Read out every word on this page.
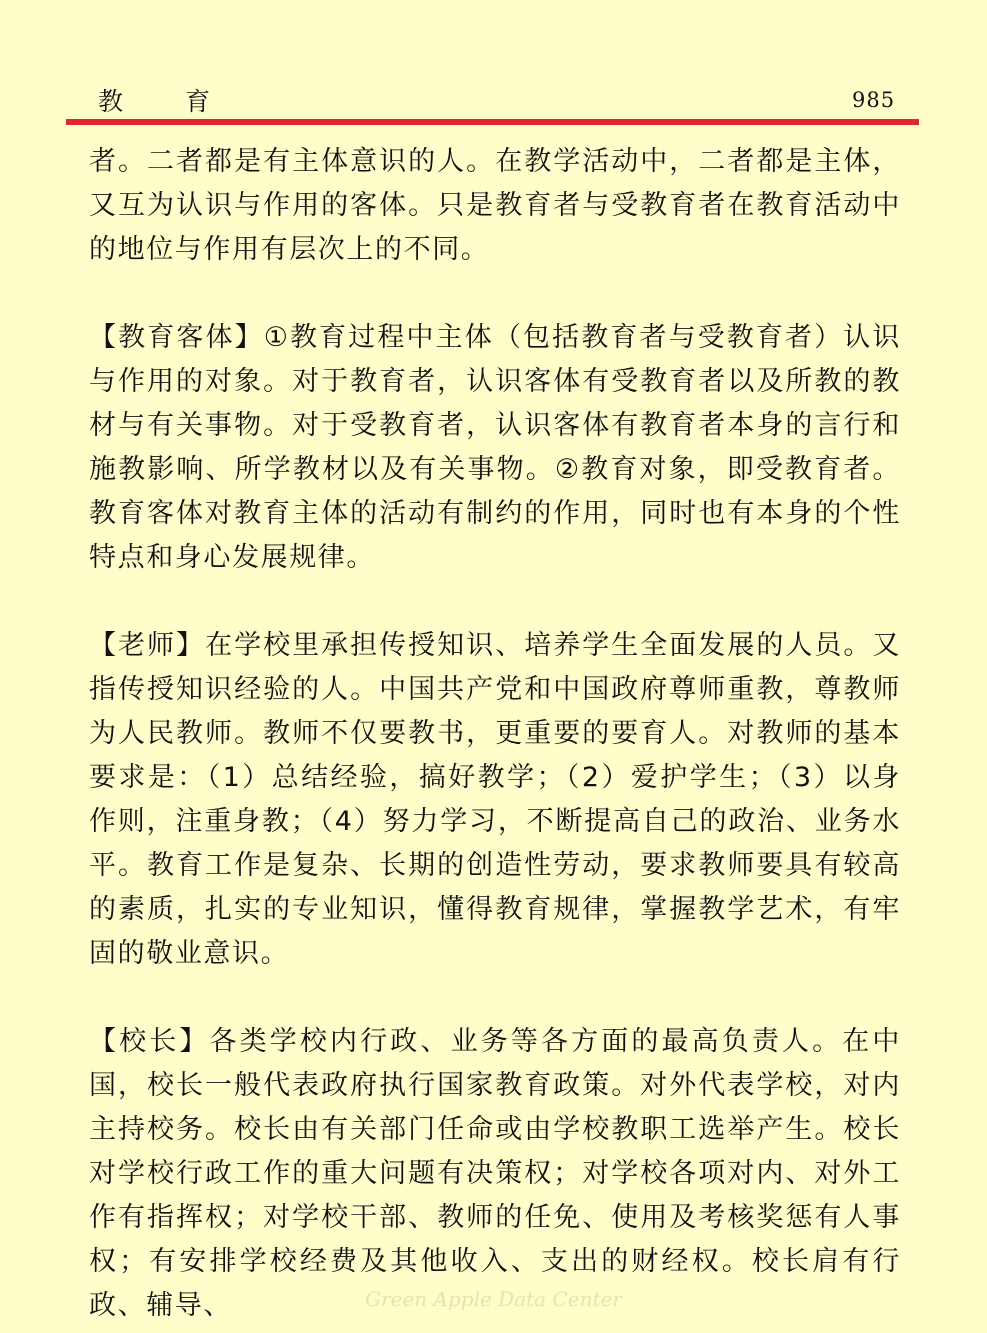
教育	985

者。二者都是有主体意识的人。在教学活动中，二者都是主体，又互为认识与作用的客体。只是教育者与受教育者在教育活动中的地位与作用有层次上的不同。

【教育客体】①教育过程中主体（包括教育者与受教育者）认识与作用的对象。对于教育者，认识客体有受教育者以及所教的教材与有关事物。对于受教育者，认识客体有教育者本身的言行和施教影响、所学教材以及有关事物。②教育对象，即受教育者。教育客体对教育主体的活动有制约的作用，同时也有本身的个性特点和身心发展规律。

【老师】在学校里承担传授知识、培养学生全面发展的人员。又指传授知识经验的人。中国共产党和中国政府尊师重教，尊教师为人民教师。教师不仅要教书，更重要的要育人。对教师的基本要求是：（1）总结经验，搞好教学；（2）爱护学生；（3）以身作则，注重身教；（4）努力学习，不断提高自己的政治、业务水平。教育工作是复杂、长期的创造性劳动，要求教师要具有较高的素质，扎实的专业知识，懂得教育规律，掌握教学艺术，有牢固的敬业意识。

【校长】各类学校内行政、业务等各方面的最高负责人。在中国，校长一般代表政府执行国家教育政策。对外代表学校，对内主持校务。校长由有关部门任命或由学校教职工选举产生。校长对学校行政工作的重大问题有决策权；对学校各项对内、对外工作有指挥权；对学校干部、教师的任免、使用及考核奖惩有人事权；有安排学校经费及其他收入、支出的财经权。校长肩有行政、辅导、	Green Apple Data Center
